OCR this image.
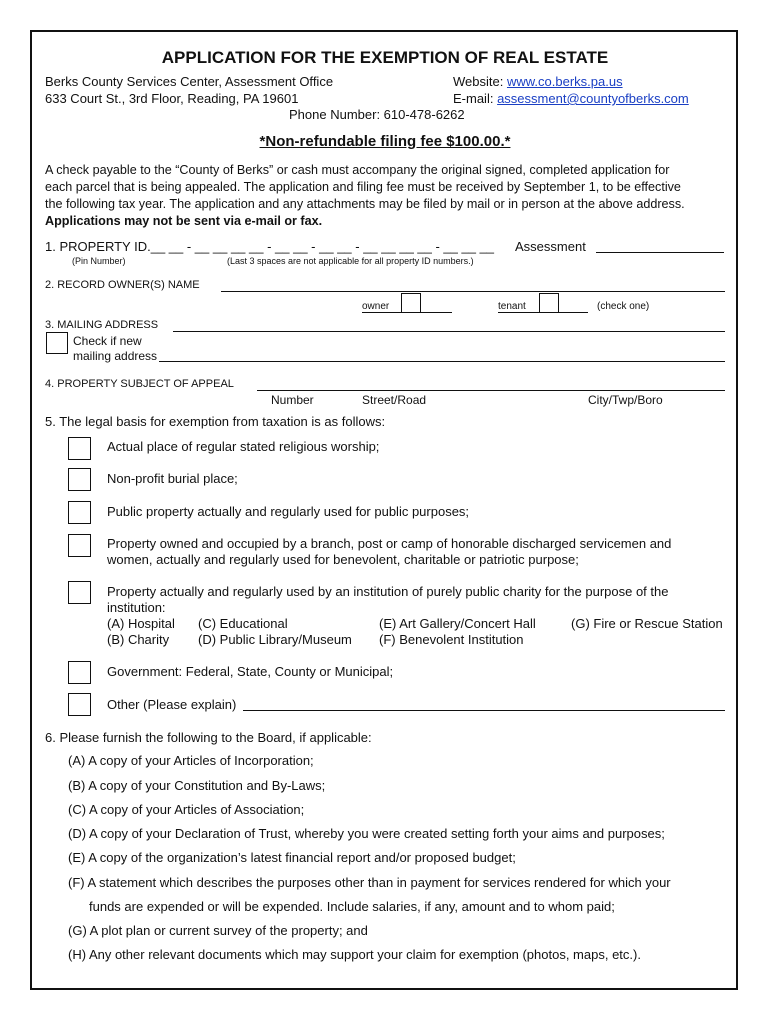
APPLICATION FOR THE EXEMPTION OF REAL ESTATE
Berks County Services Center, Assessment Office
633 Court St., 3rd Floor, Reading, PA 19601
Website: www.co.berks.pa.us
E-mail: assessment@countyofberks.com
Phone Number: 610-478-6262
*Non-refundable filing fee $100.00.*
A check payable to the “County of Berks” or cash must accompany the original signed, completed application for
each parcel that is being appealed. The application and filing fee must be received by September 1, to be effective
the following tax year. The application and any attachments may be filed by mail or in person at the above address.
Applications may not be sent via e-mail or fax.
1. PROPERTY ID.__ __ - __ __ __ __ - __ __ - __ __ - __ __ __ __ - __ __ __ Assessment
(Pin Number)	(Last 3 spaces are not applicable for all property ID numbers.)
2. RECORD OWNER(S) NAME
owner	tenant	(check one)
3. MAILING ADDRESS
Check if new
mailing address
4. PROPERTY SUBJECT OF APPEAL
Number	Street/Road	City/Twp/Boro
5. The legal basis for exemption from taxation is as follows:
Actual place of regular stated religious worship;
Non-profit burial place;
Public property actually and regularly used for public purposes;
Property owned and occupied by a branch, post or camp of honorable discharged servicemen and
women, actually and regularly used for benevolent, charitable or patriotic purpose;
Property actually and regularly used by an institution of purely public charity for the purpose of the
institution:
(A) Hospital
(B) Charity
(C) Educational
(D) Public Library/Museum
(E) Art Gallery/Concert Hall
(F) Benevolent Institution
(G) Fire or Rescue Station
Government: Federal, State, County or Municipal;
Other (Please explain)
6. Please furnish the following to the Board, if applicable:
(A) A copy of your Articles of Incorporation;
(B) A copy of your Constitution and By-Laws;
(C) A copy of your Articles of Association;
(D) A copy of your Declaration of Trust, whereby you were created setting forth your aims and purposes;
(E) A copy of the organization’s latest financial report and/or proposed budget;
(F) A statement which describes the purposes other than in payment for services rendered for which your
funds are expended or will be expended. Include salaries, if any, amount and to whom paid;
(G) A plot plan or current survey of the property; and
(H) Any other relevant documents which may support your claim for exemption (photos, maps, etc.).
